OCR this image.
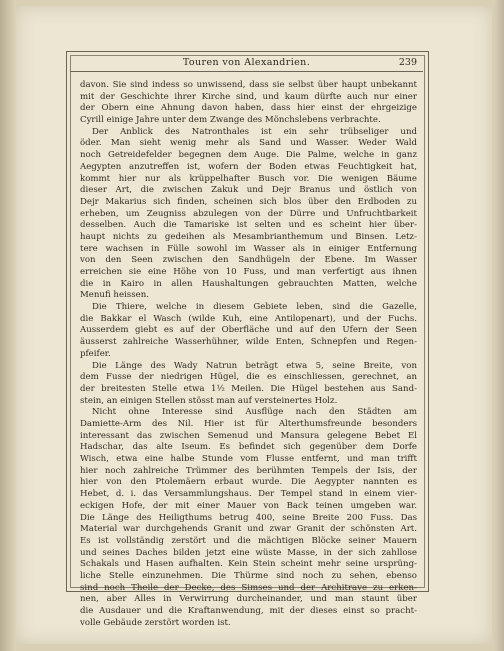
Touren von Alexandrien.	239
davon. Sie sind indess so unwissend, dass sie selbst über haupt unbekannt
mit der Geschichte ihrer Kirche sind, und kaum dürfte auch nur einer
der Obern eine Ahnung davon haben, dass hier einst der ehrgeizige
Cyrill einige Jahre unter dem Zwange des Mönchslebens verbrachte.
Der Anblick des Natronthales ist ein sehr trübseliger und
öder. Man sieht wenig mehr als Sand und Wasser. Weder Wald
noch Getreidefelder begegnen dem Auge. Die Palme, welche in ganz
Aegypten anzutreffen ist, wofern der Boden etwas Feuchtigkeit hat,
kommt hier nur als krüppelhafter Busch vor. Die wenigen Bäume
dieser Art, die zwischen Zakuk und Dejr Branus und östlich von
Dejr Makarius sich finden, scheinen sich blos über den Erdboden zu
erheben, um Zeugniss abzulegen von der Dürre und Unfruchtbarkeit
desselben. Auch die Tamariske ist selten und es scheint hier über-
haupt nichts zu gedeihen als Mesambrianthemum und Binsen. Letz-
tere wachsen in Fülle sowohl im Wasser als in einiger Entfernung
von den Seen zwischen den Sandhügeln der Ebene. Im Wasser
erreichen sie eine Höhe von 10 Fuss, und man verfertigt aus ihnen
die in Kairo in allen Haushaltungen gebrauchten Matten, welche
Menufi heissen.
Die Thiere, welche in diesem Gebiete leben, sind die Gazelle,
die Bakkar el Wasch (wilde Kuh, eine Antilopenart), und der Fuchs.
Ausserdem giebt es auf der Oberfläche und auf den Ufern der Seen
äusserst zahlreiche Wasserhühner, wilde Enten, Schnepfen und Regen-
pfeifer.
Die Länge des Wady Natrun beträgt etwa 5, seine Breite, von
dem Fusse der niedrigen Hügel, die es einschliessen, gerechnet, an
der breitesten Stelle etwa 1½ Meilen. Die Hügel bestehen aus Sand-
stein, an einigen Stellen stösst man auf versteinertes Holz.
Nicht ohne Interesse sind Ausflüge nach den Städten am
Damiette-Arm des Nil. Hier ist für Alterthumsfreunde besonders
interessant das zwischen Semenud und Mansura gelegene Bebet El
Hadschar, das alte Iseum. Es befindet sich gegenüber dem Dorfe
Wisch, etwa eine halbe Stunde vom Flusse entfernt, und man trifft
hier noch zahlreiche Trümmer des berühmten Tempels der Isis, der
hier von den Ptolemäern erbaut wurde. Die Aegypter nannten es
Hebet, d. i. das Versammlungshaus. Der Tempel stand in einem vier-
eckigen Hofe, der mit einer Mauer von Back teinen umgeben war.
Die Länge des Heiligthums betrug 400, seine Breite 200 Fuss. Das
Material war durchgehends Granit und zwar Granit der schönsten Art.
Es ist vollständig zerstört und die mächtigen Blöcke seiner Mauern
und seines Daches bilden jetzt eine wüste Masse, in der sich zahllose
Schakals und Hasen aufhalten. Kein Stein scheint mehr seine ursprüng-
liche Stelle einzunehmen. Die Thürme sind noch zu sehen, ebenso
sind noch Theile der Decke, des Simses und der Architrave zu erken-
nen, aber Alles in Verwirrung durcheinander, und man staunt über
die Ausdauer und die Kraftanwendung, mit der dieses einst so pracht-
volle Gebäude zerstört worden ist.
